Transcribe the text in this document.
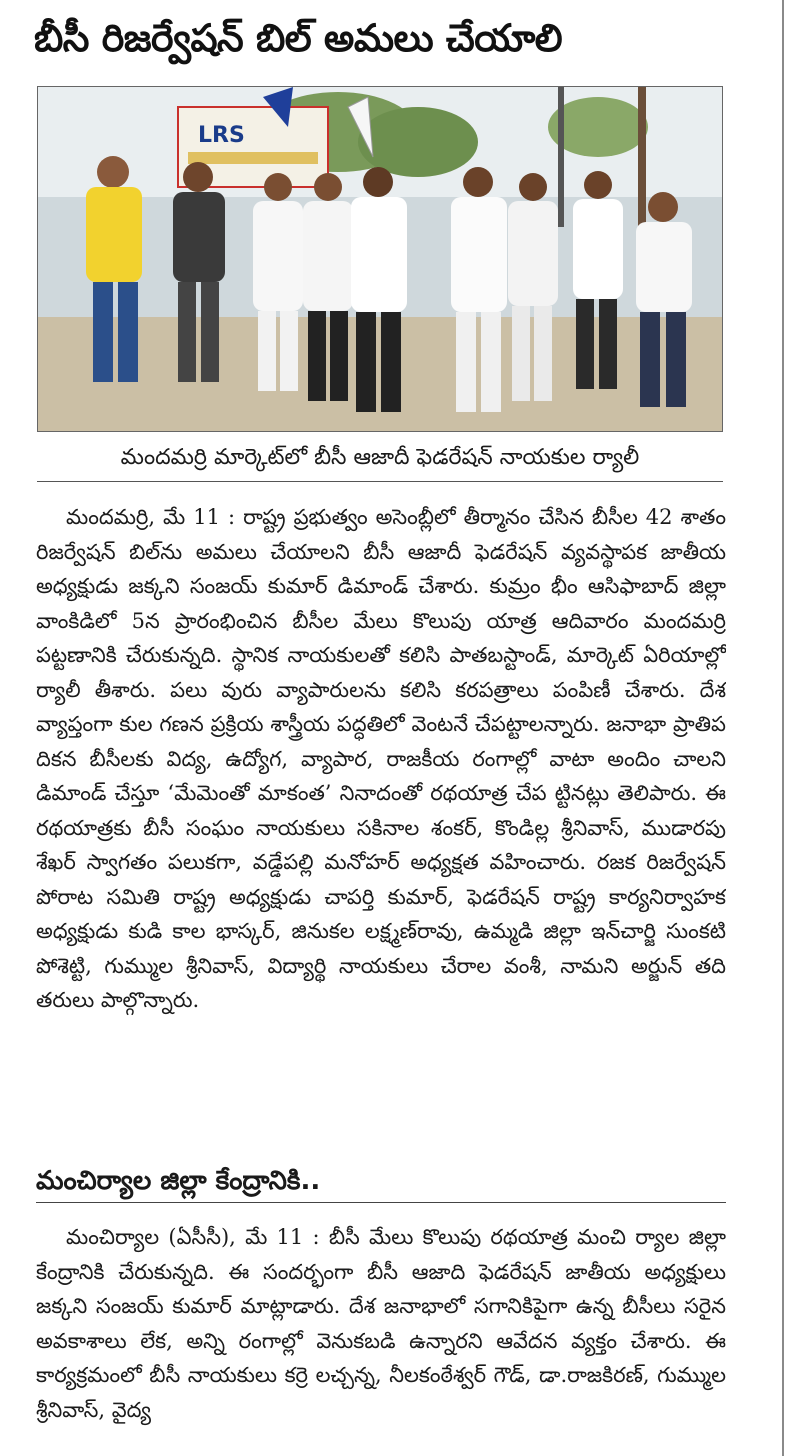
బీసీ రిజర్వేషన్ బిల్ అమలు చేయాలి
LRS
మందమర్రి మార్కెట్‌లో బీసీ ఆజాదీ ఫెడరేషన్ నాయకుల ర్యాలీ

మందమర్రి, మే 11 : రాష్ట్ర ప్రభుత్వం అసెంబ్లీలో తీర్మానం చేసిన బీసీల 42 శాతం రిజర్వేషన్ బిల్‌ను అమలు చేయాలని బీసీ ఆజాదీ ఫెడరేషన్ వ్యవస్థాపక జాతీయ అధ్యక్షుడు జక్కని సంజయ్ కుమార్ డిమాండ్ చేశారు. కుమ్రం భీం ఆసిఫాబాద్ జిల్లా వాంకిడిలో 5న ప్రారంభించిన బీసీల మేలు కొలుపు యాత్ర ఆదివారం మందమర్రి పట్టణానికి చేరుకున్నది. స్థానిక నాయకులతో కలిసి పాతబస్టాండ్, మార్కెట్ ఏరియాల్లో ర్యాలీ తీశారు. పలు వురు వ్యాపారులను కలిసి కరపత్రాలు పంపిణీ చేశారు. దేశ వ్యాప్తంగా కుల గణన ప్రక్రియ శాస్త్రీయ పద్ధతిలో వెంటనే చేపట్టాలన్నారు. జనాభా ప్రాతిప దికన బీసీలకు విద్య, ఉద్యోగ, వ్యాపార, రాజకీయ రంగాల్లో వాటా అందిం చాలని డిమాండ్ చేస్తూ ‘మేమెంతో మాకంత’ నినాదంతో రథయాత్ర చేప ట్టినట్లు తెలిపారు. ఈ రథయాత్రకు బీసీ సంఘం నాయకులు సకినాల శంకర్, కొండిల్ల శ్రీనివాస్, ముడారపు శేఖర్ స్వాగతం పలుకగా, వడ్డేపల్లి మనోహర్ అధ్యక్షత వహించారు. రజక రిజర్వేషన్ పోరాట సమితి రాష్ట్ర అధ్యక్షుడు చాపర్తి కుమార్, ఫెడరేషన్ రాష్ట్ర కార్యనిర్వాహక అధ్యక్షుడు కుడి కాల భాస్కర్, జినుకల లక్ష్మణ్‌రావు, ఉమ్మడి జిల్లా ఇన్‌చార్జి సుంకటి పోశెట్టి, గుమ్ముల శ్రీనివాస్, విద్యార్థి నాయకులు చేరాల వంశీ, నామని అర్జున్ తది తరులు పాల్గొన్నారు.

మంచిర్యాల జిల్లా కేంద్రానికి..

మంచిర్యాల (ఏసీసీ), మే 11 : బీసీ మేలు కొలుపు రథయాత్ర మంచి ర్యాల జిల్లా కేంద్రానికి చేరుకున్నది. ఈ సందర్భంగా బీసీ ఆజాది ఫెడరేషన్ జాతీయ అధ్యక్షులు జక్కని సంజయ్ కుమార్ మాట్లాడారు. దేశ జనాభాలో సగానికిపైగా ఉన్న బీసీలు సరైన అవకాశాలు లేక, అన్ని రంగాల్లో వెనుకబడి ఉన్నారని ఆవేదన వ్యక్తం చేశారు. ఈ కార్యక్రమంలో బీసీ నాయకులు కర్రె లచ్చన్న, నీలకంఠేశ్వర్ గౌడ్, డా.రాజకిరణ్, గుమ్ముల శ్రీనివాస్, వైద్య
